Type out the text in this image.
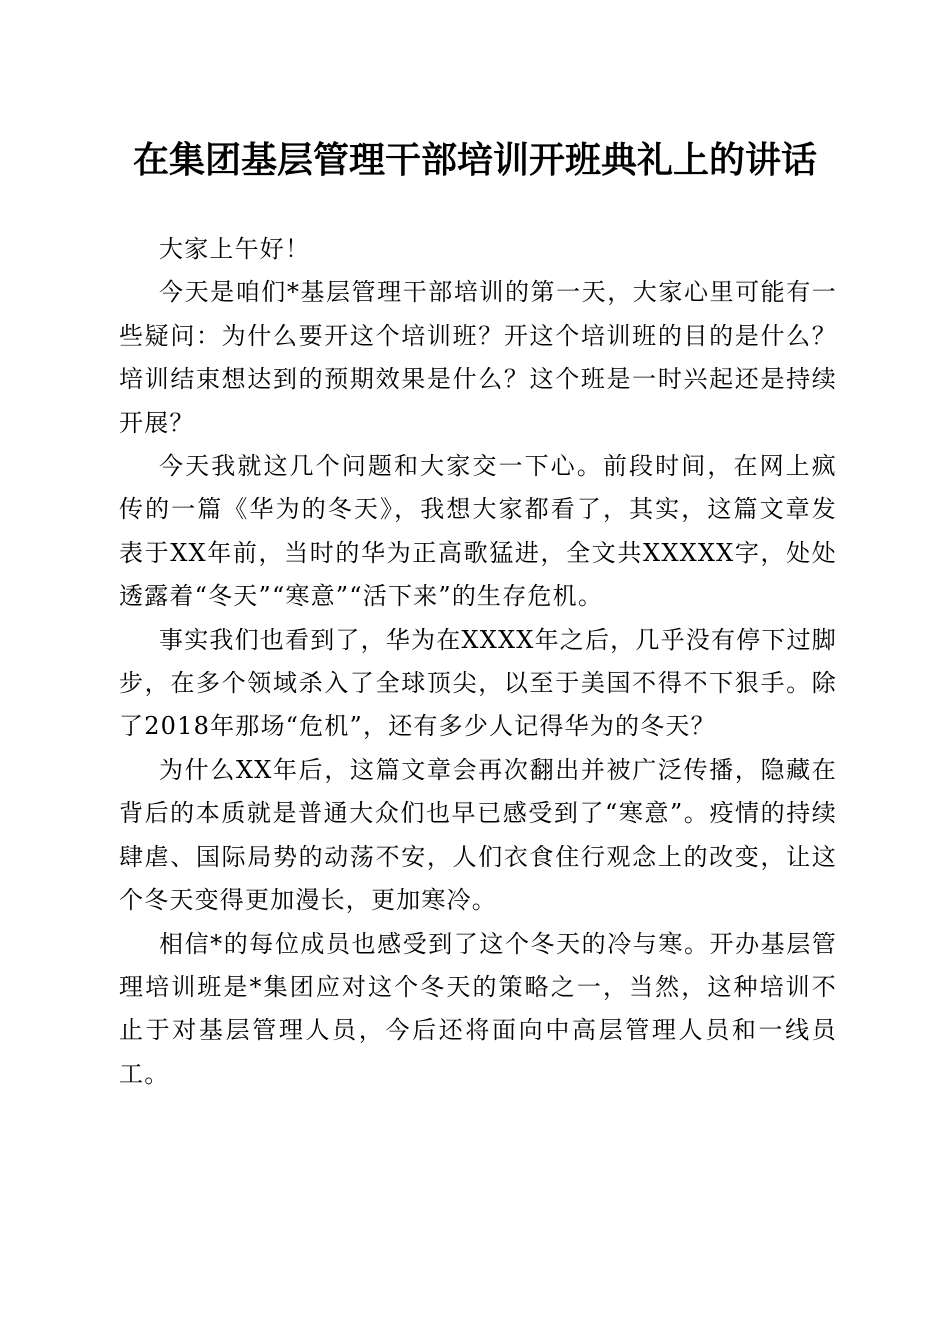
在集团基层管理干部培训开班典礼上的讲话

大家上午好！

今天是咱们*基层管理干部培训的第一天，大家心里可能有一些疑问：为什么要开这个培训班？开这个培训班的目的是什么？培训结束想达到的预期效果是什么？这个班是一时兴起还是持续开展？

今天我就这几个问题和大家交一下心。前段时间，在网上疯传的一篇《华为的冬天》，我想大家都看了，其实，这篇文章发表于XX年前，当时的华为正高歌猛进，全文共XXXXX字，处处透露着“冬天”“寒意”“活下来”的生存危机。

事实我们也看到了，华为在XXXX年之后，几乎没有停下过脚步，在多个领域杀入了全球顶尖，以至于美国不得不下狠手。除了2018年那场“危机”，还有多少人记得华为的冬天？

为什么XX年后，这篇文章会再次翻出并被广泛传播，隐藏在背后的本质就是普通大众们也早已感受到了“寒意”。疫情的持续肆虐、国际局势的动荡不安，人们衣食住行观念上的改变，让这个冬天变得更加漫长，更加寒冷。

相信*的每位成员也感受到了这个冬天的冷与寒。开办基层管理培训班是*集团应对这个冬天的策略之一，当然，这种培训不止于对基层管理人员，今后还将面向中高层管理人员和一线员工。
